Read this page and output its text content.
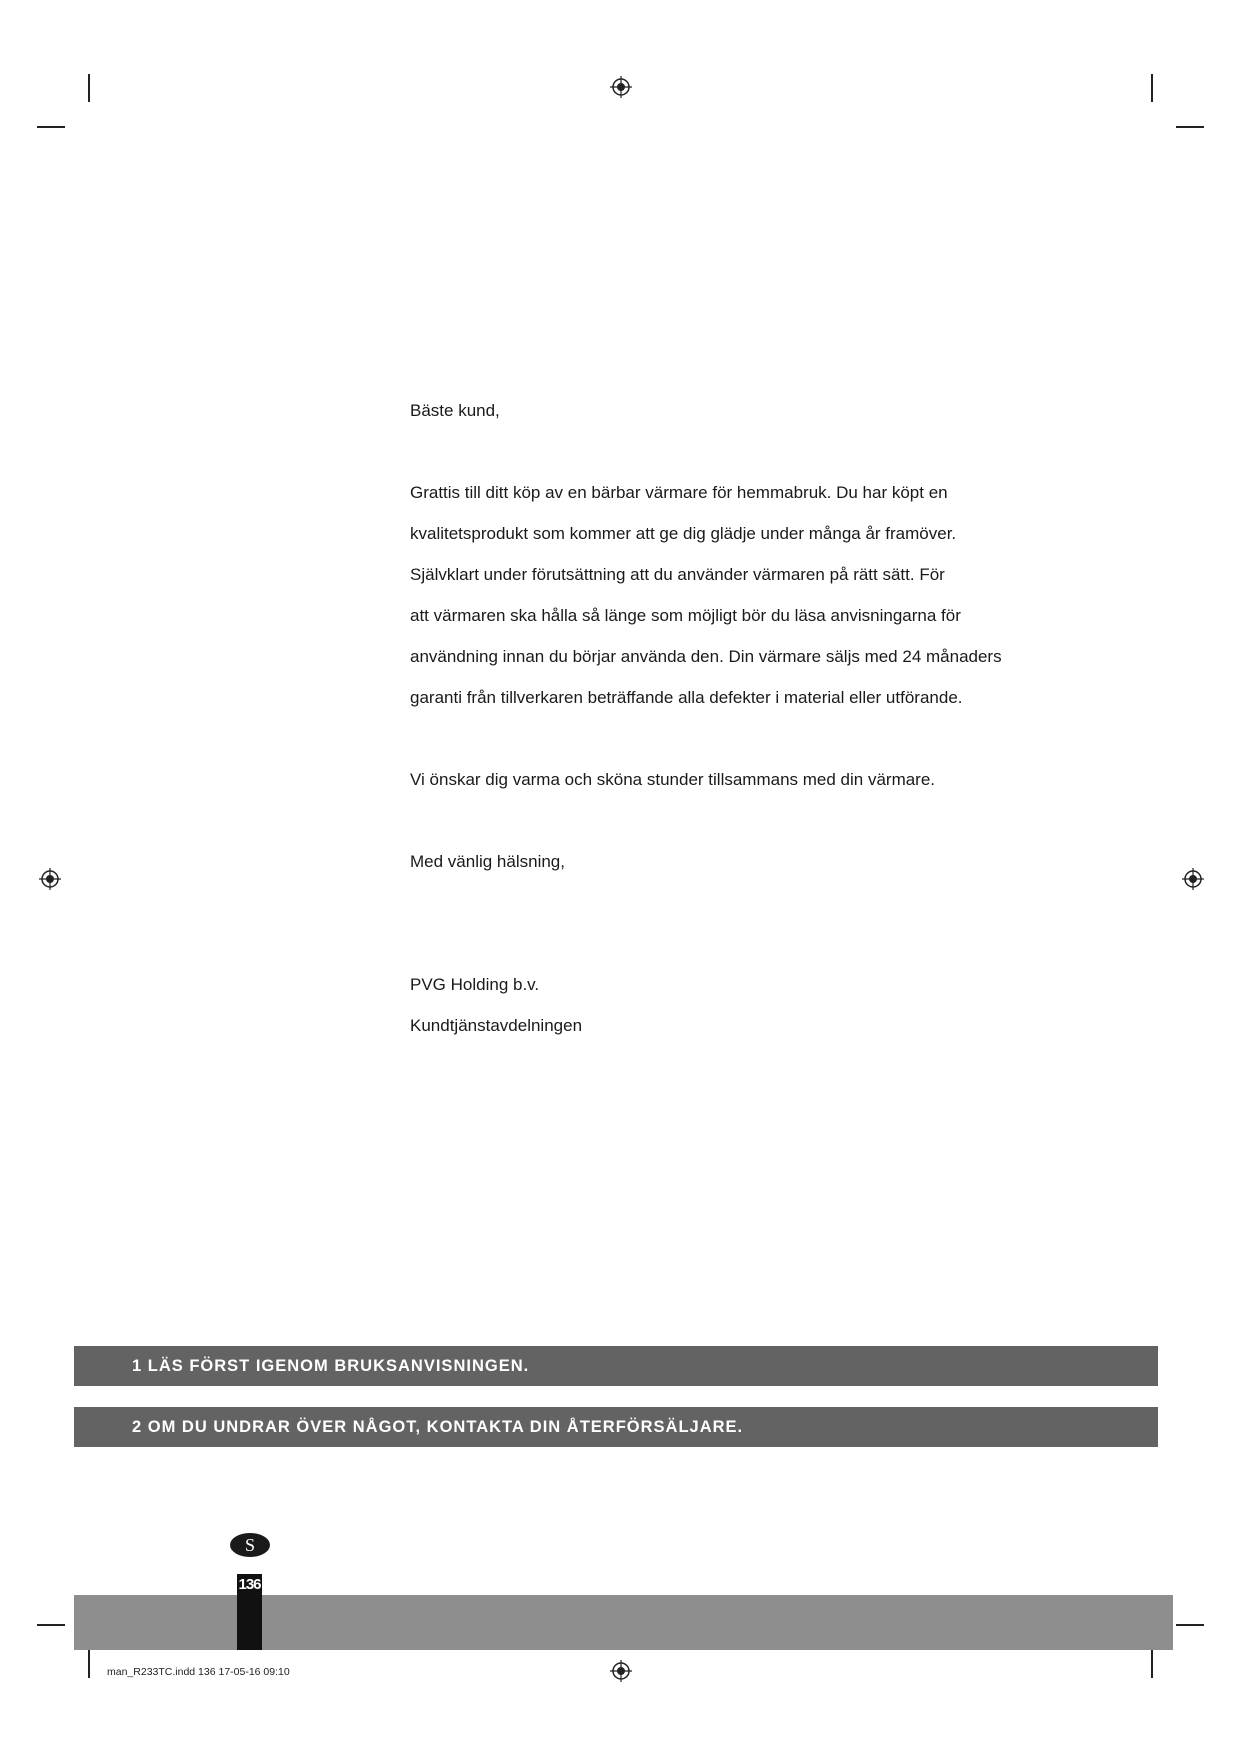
Bäste kund,

Grattis till ditt köp av en bärbar värmare för hemmabruk. Du har köpt en

kvalitetsprodukt som kommer att ge dig glädje under många år framöver.

Självklart under förutsättning att du använder värmaren på rätt sätt. För

att värmaren ska hålla så länge som möjligt bör du läsa anvisningarna för

användning innan du börjar använda den. Din värmare säljs med 24 månaders

garanti från tillverkaren beträffande alla defekter i material eller utförande.

Vi önskar dig varma och sköna stunder tillsammans med din värmare.

Med vänlig hälsning,

PVG Holding b.v.

Kundtjänstavdelningen

1 LÄS FÖRST IGENOM BRUKSANVISNINGEN.
2 OM DU UNDRAR ÖVER NÅGOT, KONTAKTA DIN ÅTERFÖRSÄLJARE.
S
136
man_R233TC.indd 136 17-05-16 09:10
